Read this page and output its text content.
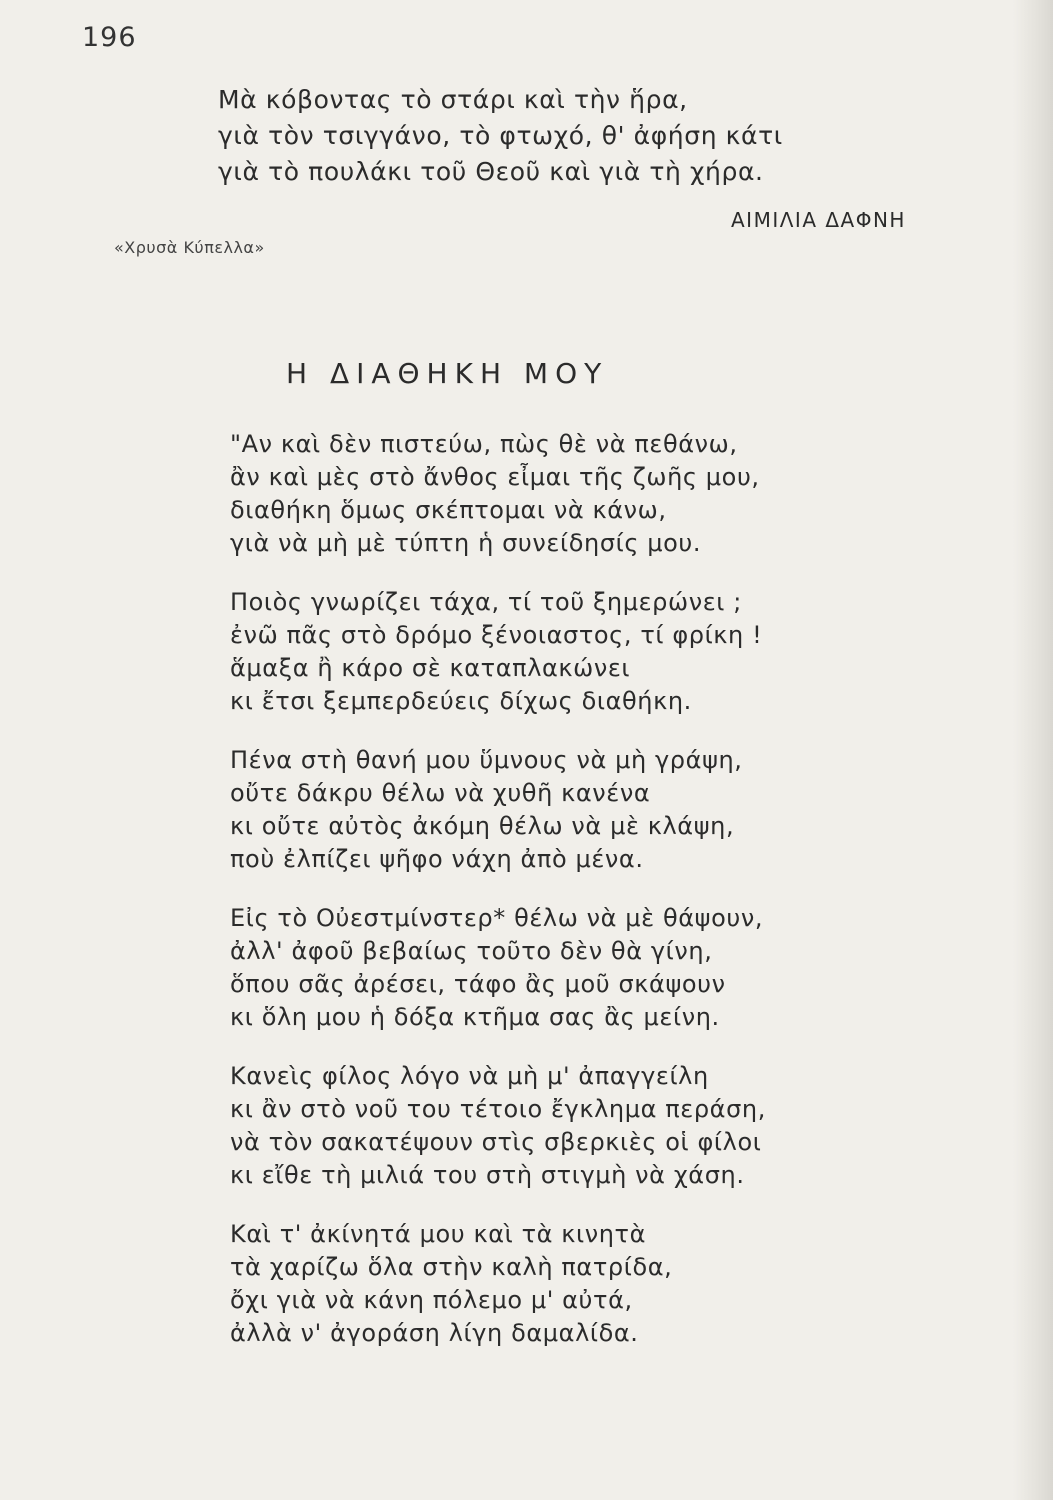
196
Μὰ κόβοντας τὸ στάρι καὶ τὴν ἥρα,
γιὰ τὸν τσιγγάνο, τὸ φτωχό, θ' ἀφήση κάτι
γιὰ τὸ πουλάκι τοῦ Θεοῦ καὶ γιὰ τὴ χήρα.
ΑΙΜΙΛΙΑ ΔΑΦΝΗ
«Χρυσὰ Κύπελλα»
Η ΔΙΑΘΗΚΗ ΜΟΥ
"Αν καὶ δὲν πιστεύω, πὼς θὲ νὰ πεθάνω,
ἂν καὶ μὲς στὸ ἄνθος εἶμαι τῆς ζωῆς μου,
διαθήκη ὅμως σκέπτομαι νὰ κάνω,
γιὰ νὰ μὴ μὲ τύπτη ἡ συνείδησίς μου.
Ποιὸς γνωρίζει τάχα, τί τοῦ ξημερώνει ;
ἐνῶ πᾶς στὸ δρόμο ξένοιαστος, τί φρίκη !
ἅμαξα ἢ κάρο σὲ καταπλακώνει
κι ἔτσι ξεμπερδεύεις δίχως διαθήκη.
Πένα στὴ θανή μου ὕμνους νὰ μὴ γράψη,
οὔτε δάκρυ θέλω νὰ χυθῆ κανένα
κι οὔτε αὐτὸς ἀκόμη θέλω νὰ μὲ κλάψη,
ποὺ ἐλπίζει ψῆφο νάχη ἀπὸ μένα.
Εἰς τὸ Οὐεστμίνστερ* θέλω νὰ μὲ θάψουν,
ἀλλ' ἀφοῦ βεβαίως τοῦτο δὲν θὰ γίνη,
ὅπου σᾶς ἀρέσει, τάφο ἂς μοῦ σκάψουν
κι ὅλη μου ἡ δόξα κτῆμα σας ἂς μείνη.
Κανεὶς φίλος λόγο νὰ μὴ μ' ἀπαγγείλη
κι ἂν στὸ νοῦ του τέτοιο ἔγκλημα περάση,
νὰ τὸν σακατέψουν στὶς σβερκιὲς οἱ φίλοι
κι εἴθε τὴ μιλιά του στὴ στιγμὴ νὰ χάση.
Καὶ τ' ἀκίνητά μου καὶ τὰ κινητὰ
τὰ χαρίζω ὅλα στὴν καλὴ πατρίδα,
ὄχι γιὰ νὰ κάνη πόλεμο μ' αὐτά,
ἀλλὰ ν' ἀγοράση λίγη δαμαλίδα.
